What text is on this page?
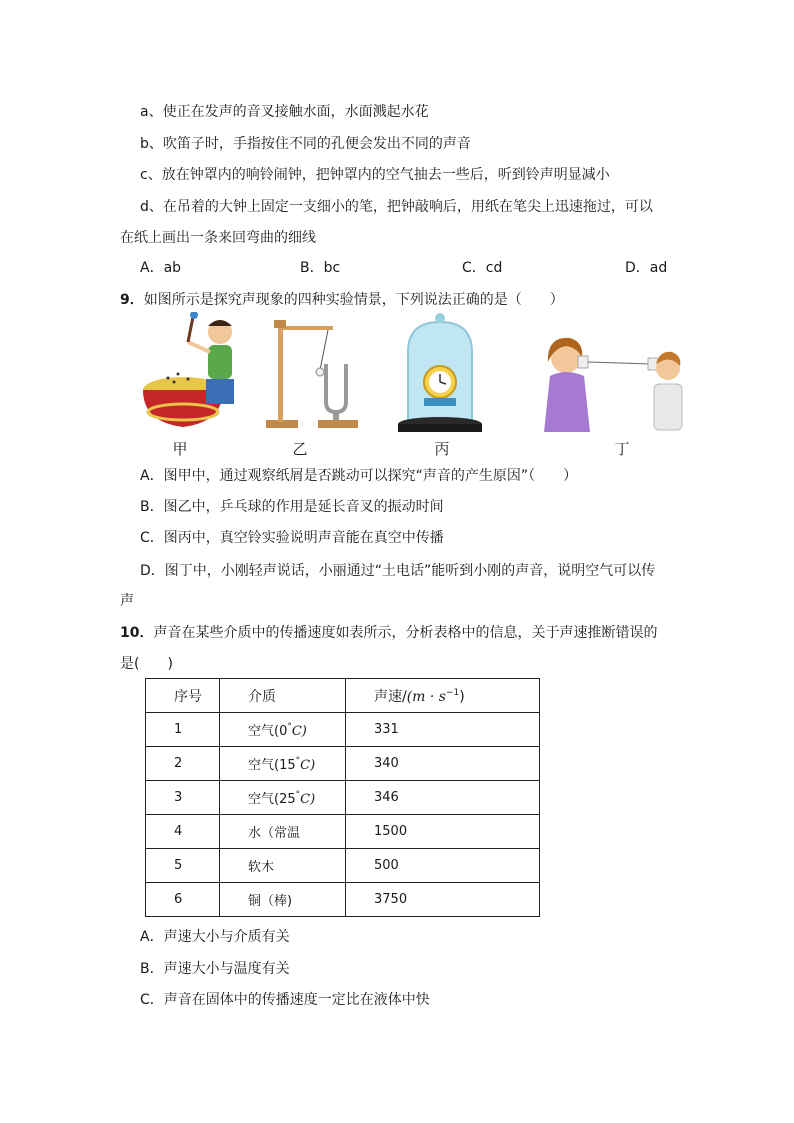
a、使正在发声的音叉接触水面，水面溅起水花
b、吹笛子时，手指按住不同的孔便会发出不同的声音
c、放在钟罩内的响铃闹钟，把钟罩内的空气抽去一些后，听到铃声明显减小
d、在吊着的大钟上固定一支细小的笔，把钟敲响后，用纸在笔尖上迅速拖过，可以
在纸上画出一条来回弯曲的细线
A．ab	B．bc	C．cd	D．ad
9．如图所示是探究声现象的四种实验情景，下列说法正确的是（　　）
甲	乙	丙	丁
A．图甲中，通过观察纸屑是否跳动可以探究“声音的产生原因”（　　）
B．图乙中，乒乓球的作用是延长音叉的振动时间
C．图丙中，真空铃实验说明声音能在真空中传播
D．图丁中，小刚轻声说话，小丽通过“土电话”能听到小刚的声音，说明空气可以传
声
10．声音在某些介质中的传播速度如表所示，分析表格中的信息，关于声速推断错误的
是(　　)
序号	介质	声速$/(m \cdot s^{-1})$
1	空气(0°C)	331
2	空气(15°C)	340
3	空气(25°C)	346
4	水（常温	1500
5	软木	500
6	铜（棒)	3750
A．声速大小与介质有关
B．声速大小与温度有关
C．声音在固体中的传播速度一定比在液体中快
